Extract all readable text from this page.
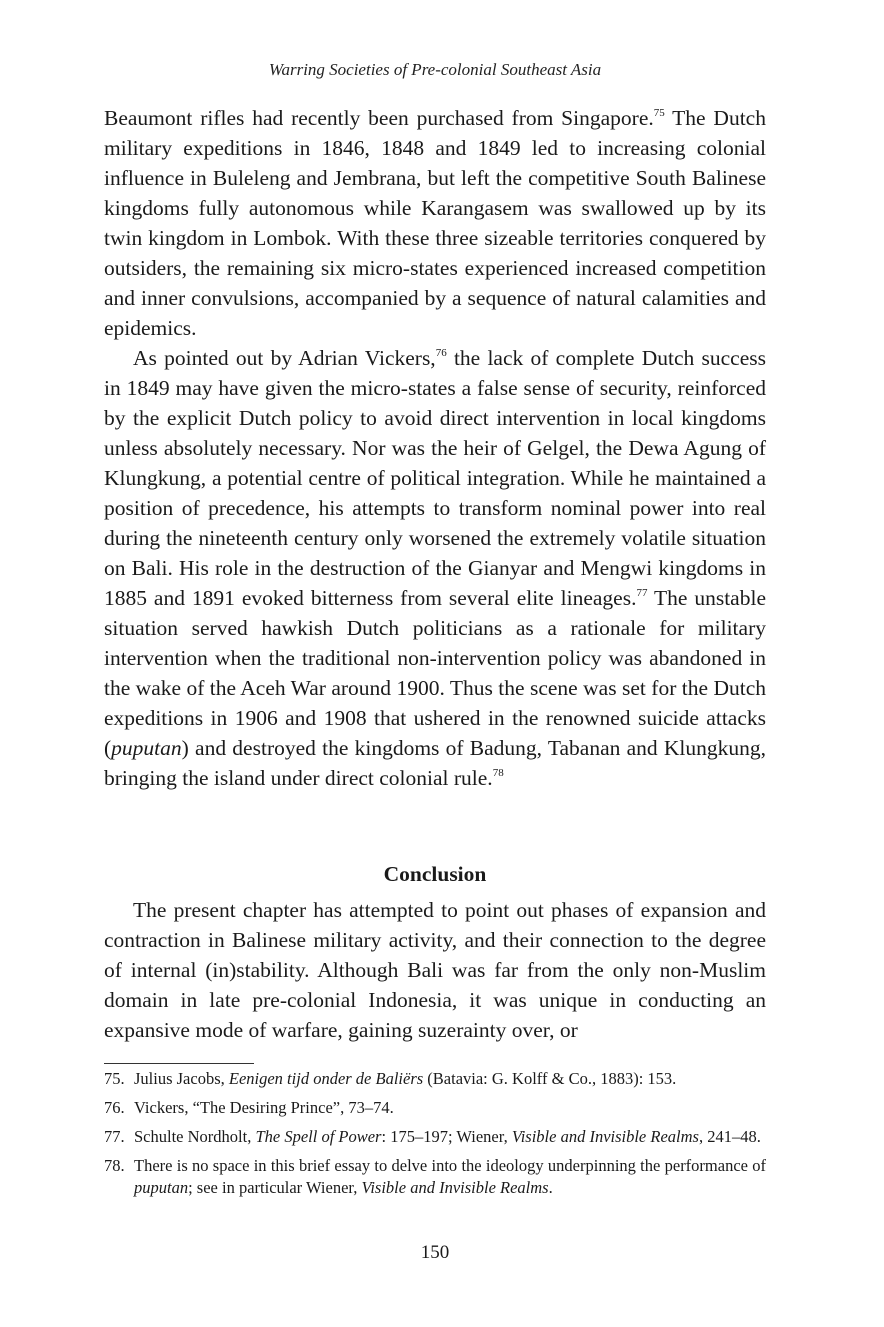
Warring Societies of Pre-colonial Southeast Asia

Beaumont rifles had recently been purchased from Singapore.$^{75}$ The Dutch military expeditions in 1846, 1848 and 1849 led to increasing colonial influence in Buleleng and Jembrana, but left the competitive South Balinese kingdoms fully autonomous while Karangasem was swallowed up by its twin kingdom in Lombok. With these three sizeable territories conquered by outsiders, the remaining six micro-states experienced increased competition and inner convulsions, accompanied by a sequence of natural calamities and epidemics.

As pointed out by Adrian Vickers,$^{76}$ the lack of complete Dutch success in 1849 may have given the micro-states a false sense of security, reinforced by the explicit Dutch policy to avoid direct intervention in local kingdoms unless absolutely necessary. Nor was the heir of Gelgel, the Dewa Agung of Klungkung, a potential centre of political integration. While he maintained a position of precedence, his attempts to transform nominal power into real during the nineteenth century only worsened the extremely volatile situation on Bali. His role in the destruction of the Gianyar and Mengwi kingdoms in 1885 and 1891 evoked bitterness from several elite lineages.$^{77}$ The unstable situation served hawkish Dutch politicians as a rationale for military intervention when the traditional non-intervention policy was abandoned in the wake of the Aceh War around 1900. Thus the scene was set for the Dutch expeditions in 1906 and 1908 that ushered in the renowned suicide attacks (puputan) and destroyed the kingdoms of Badung, Tabanan and Klungkung, bringing the island under direct colonial rule.$^{78}$

Conclusion

The present chapter has attempted to point out phases of expansion and contraction in Balinese military activity, and their connection to the degree of internal (in)stability. Although Bali was far from the only non-Muslim domain in late pre-colonial Indonesia, it was unique in conducting an expansive mode of warfare, gaining suzerainty over, or

75. Julius Jacobs, Eenigen tijd onder de Baliërs (Batavia: G. Kolff & Co., 1883): 153.
76. Vickers, “The Desiring Prince”, 73–74.
77. Schulte Nordholt, The Spell of Power: 175–197; Wiener, Visible and Invisible Realms, 241–48.
78. There is no space in this brief essay to delve into the ideology underpinning the performance of puputan; see in particular Wiener, Visible and Invisible Realms.
150
